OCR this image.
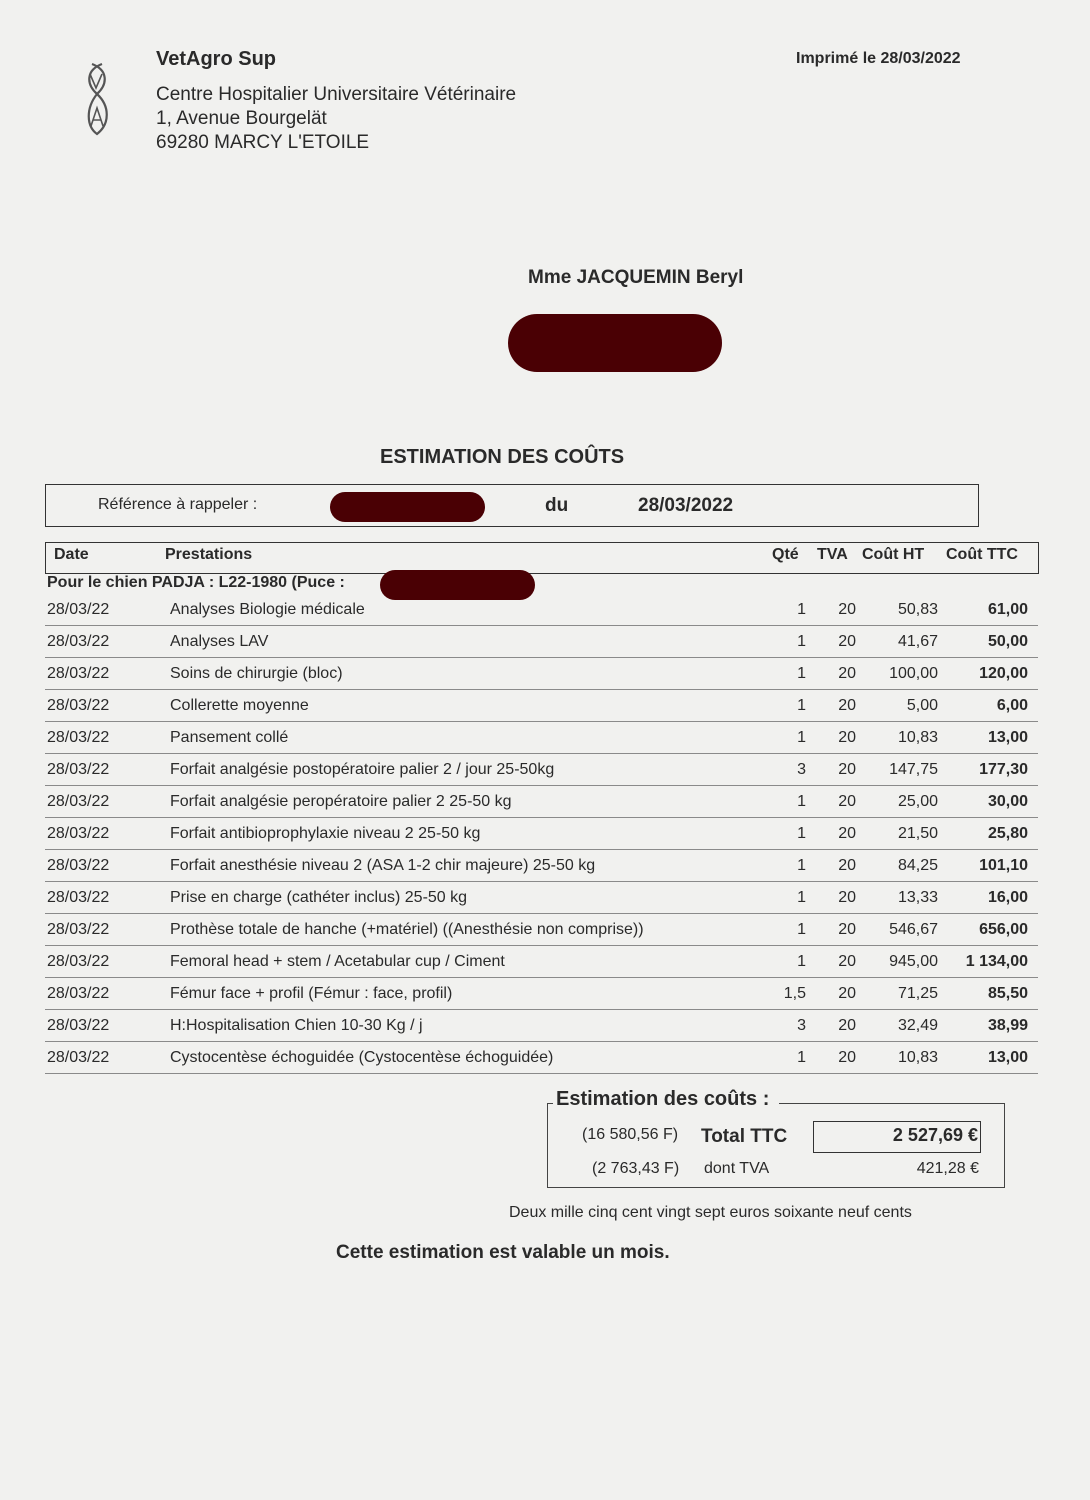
VetAgro Sup
Centre Hospitalier Universitaire Vétérinaire
1, Avenue Bourgelät
69280 MARCY L'ETOILE
Imprimé le 28/03/2022
Mme JACQUEMIN Beryl
ESTIMATION DES COÛTS
Référence à rappeler :	du	28/03/2022
Date	Prestations	Qté TVA Coût HT Coût TTC
Pour le chien PADJA : L22-1980 (Puce :
28/03/22	Analyses Biologie médicale	1 20	50,83	61,00
28/03/22	Analyses LAV	1 20	41,67	50,00
28/03/22	Soins de chirurgie (bloc)	1 20 100,00	120,00
28/03/22	Collerette moyenne	1 20	5,00	6,00
28/03/22	Pansement collé	1 20	10,83	13,00
28/03/22	Forfait analgésie postopératoire palier 2 / jour 25-50kg	3 20 147,75	177,30
28/03/22	Forfait analgésie peropératoire palier 2 25-50 kg	1 20	25,00	30,00
28/03/22	Forfait antibioprophylaxie niveau 2 25-50 kg	1 20	21,50	25,80
28/03/22	Forfait anesthésie niveau 2 (ASA 1-2 chir majeure) 25-50 kg	1 20	84,25	101,10
28/03/22	Prise en charge (cathéter inclus) 25-50 kg	1 20	13,33	16,00
28/03/22	Prothèse totale de hanche (+matériel) ((Anesthésie non comprise))	1 20 546,67	656,00
28/03/22	Femoral head + stem / Acetabular cup / Ciment	1 20 945,00 1 134,00
28/03/22	Fémur face + profil (Fémur : face, profil)	1,5 20	71,25	85,50
28/03/22	H:Hospitalisation Chien 10-30 Kg / j	3 20	32,49	38,99
28/03/22	Cystocentèse échoguidée (Cystocentèse échoguidée)	1 20	10,83	13,00
Estimation des coûts :
(16 580,56 F) Total TTC	2 527,69 €
(2 763,43 F) dont TVA	421,28 €
Deux mille cinq cent vingt sept euros soixante neuf cents
Cette estimation est valable un mois.
